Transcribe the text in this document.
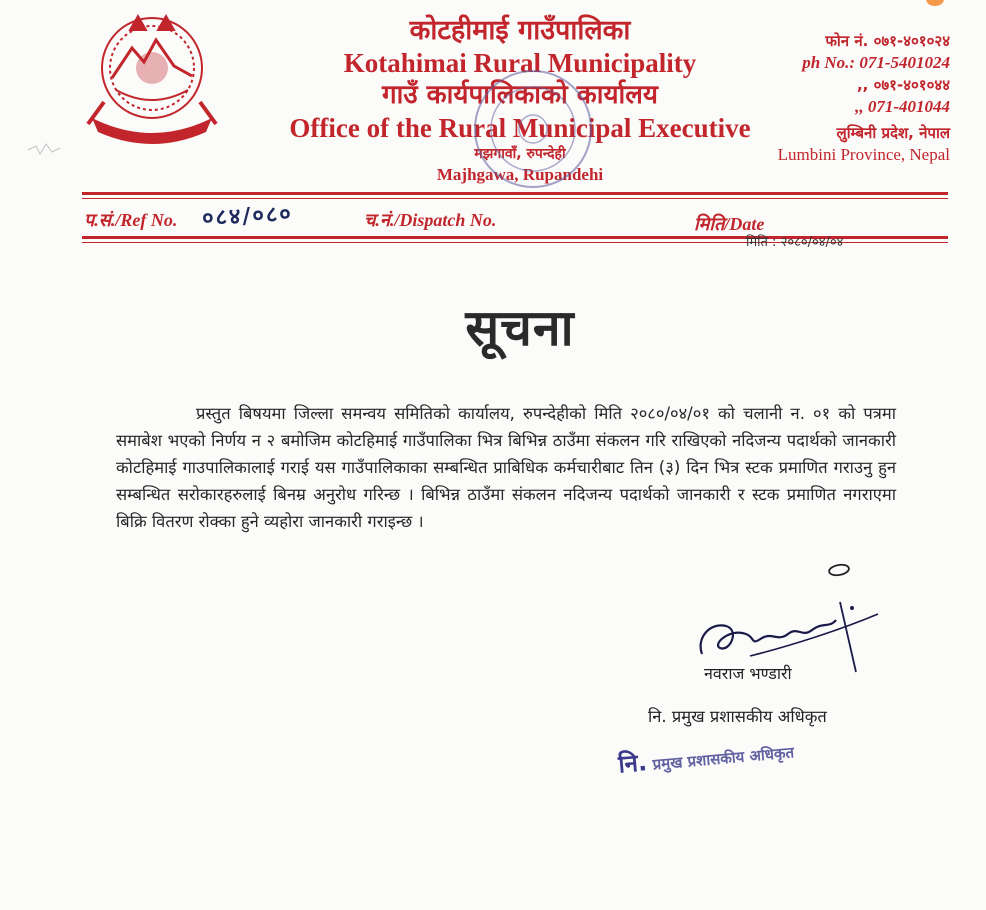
कोटहीमाई गाउँपालिका
Kotahimai Rural Municipality
गाउँ कार्यपालिकाको कार्यालय
Office of the Rural Municipal Executive
मझगावाँ, रुपन्देही
Majhgawa, Rupandehi
फोन नं. ०७१-४०१०२४
ph No.: 071-5401024
,, ०७१-४०१०४४
,, 071-401044
लुम्बिनी प्रदेश, नेपाल
Lumbini Province, Nepal
प.सं./Ref No. ०८४/०८०	च.नं./Dispatch No.	मिति/Date
मिति : २०८०/०४/०४
सूचना
प्रस्तुत बिषयमा जिल्ला समन्वय समितिको कार्यालय, रुपन्देहीको मिति २०८०/०४/०१ को चलानी न. ०१ को पत्रमा समाबेश भएको निर्णय न २ बमोजिम कोटहिमाई गाउँपालिका भित्र बिभिन्न ठाउँमा संकलन गरि राखिएको नदिजन्य पदार्थको जानकारी कोटहिमाई गाउपालिकालाई गराई यस गाउँपालिकाका सम्बन्धित प्राबिधिक कर्मचारीबाट तिन (३) दिन भित्र स्टक प्रमाणित गराउनु हुन सम्बन्धित सरोकारहरुलाई बिनम्र अनुरोध गरिन्छ । बिभिन्न ठाउँमा संकलन नदिजन्य पदार्थको जानकारी र स्टक प्रमाणित नगराएमा बिक्रि वितरण रोक्का हुने व्यहोरा जानकारी गराइन्छ ।
नवराज भण्डारी
नि. प्रमुख प्रशासकीय अधिकृत
नि. प्रमुख प्रशासकीय अधिकृत
